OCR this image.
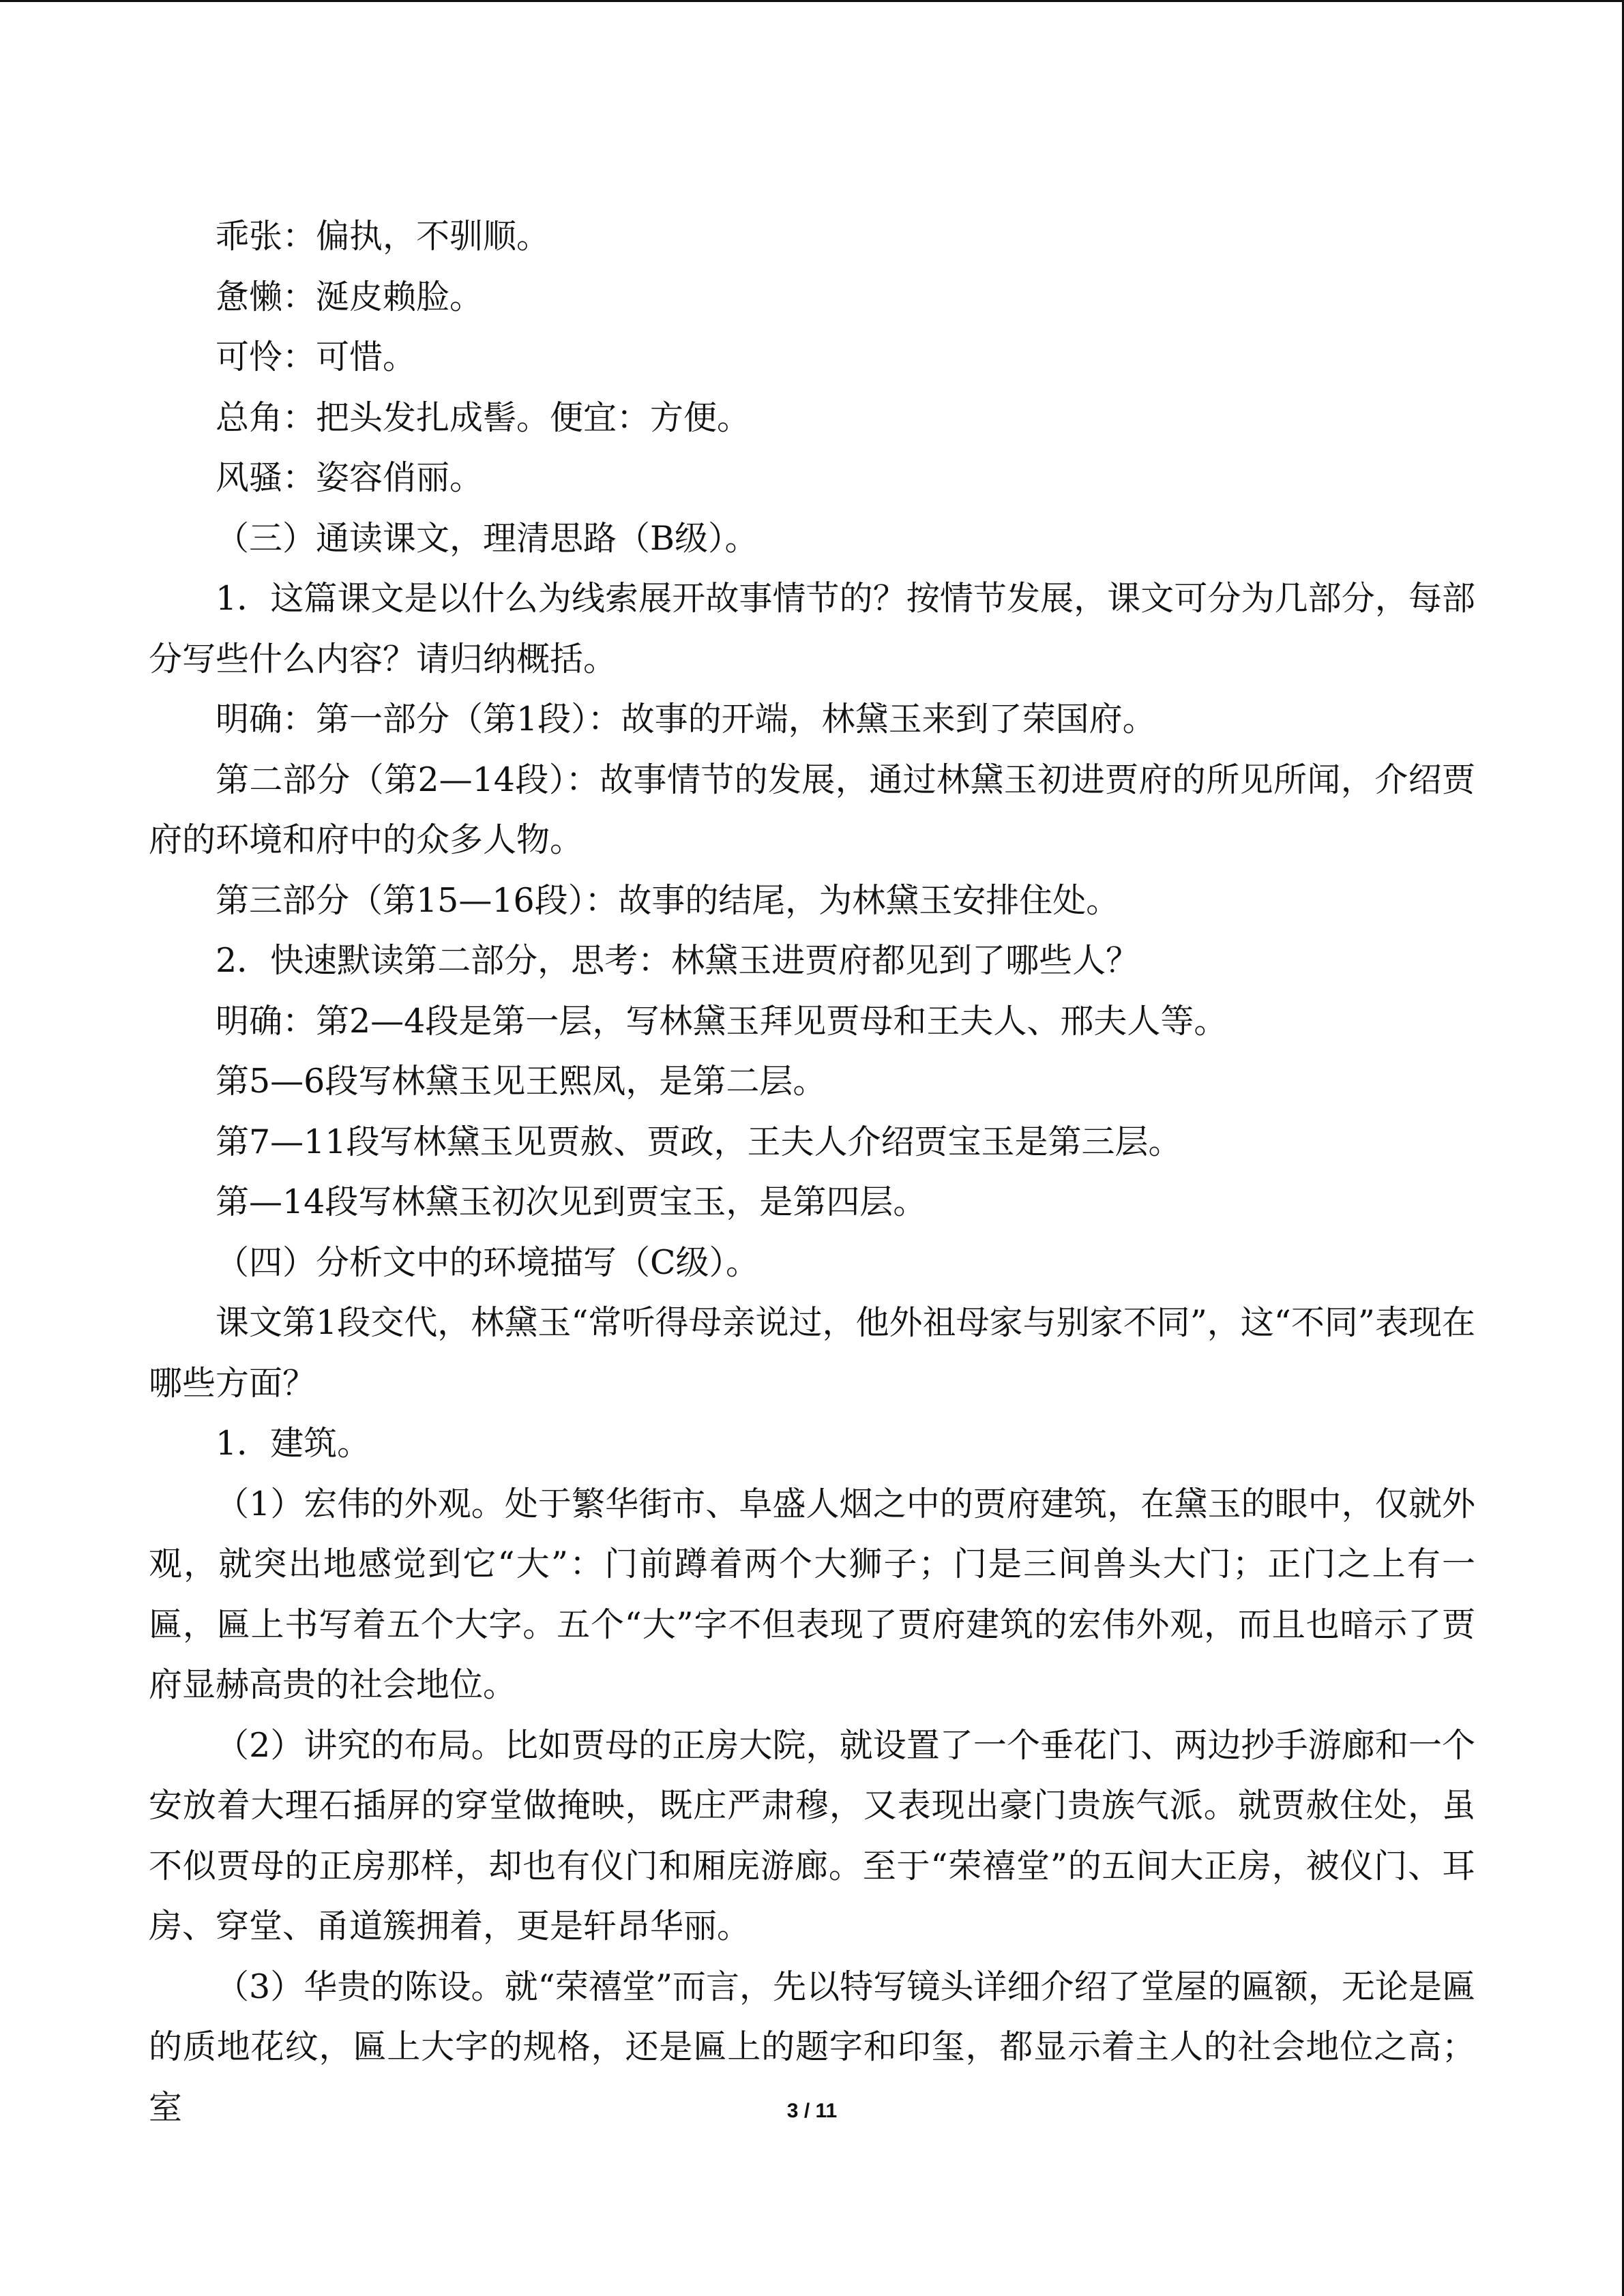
乖张：偏执，不驯顺。

惫懒：涎皮赖脸。

可怜：可惜。

总角：把头发扎成髻。便宜：方便。

风骚：姿容俏丽。

（三）通读课文，理清思路（B级）。

1．这篇课文是以什么为线索展开故事情节的？按情节发展，课文可分为几部分，每部分写些什么内容？请归纳概括。

明确：第一部分（第1段）：故事的开端，林黛玉来到了荣国府。

第二部分（第2—14段）：故事情节的发展，通过林黛玉初进贾府的所见所闻，介绍贾府的环境和府中的众多人物。

第三部分（第15—16段）：故事的结尾，为林黛玉安排住处。

2．快速默读第二部分，思考：林黛玉进贾府都见到了哪些人？

明确：第2—4段是第一层，写林黛玉拜见贾母和王夫人、邢夫人等。

第5—6段写林黛玉见王熙凤，是第二层。

第7—11段写林黛玉见贾赦、贾政，王夫人介绍贾宝玉是第三层。

第—14段写林黛玉初次见到贾宝玉，是第四层。

（四）分析文中的环境描写（C级）。

课文第1段交代，林黛玉“常听得母亲说过，他外祖母家与别家不同”，这“不同”表现在哪些方面？

1．建筑。

（1）宏伟的外观。处于繁华街市、阜盛人烟之中的贾府建筑，在黛玉的眼中，仅就外观，就突出地感觉到它“大”：门前蹲着两个大狮子；门是三间兽头大门；正门之上有一匾，匾上书写着五个大字。五个“大”字不但表现了贾府建筑的宏伟外观，而且也暗示了贾府显赫高贵的社会地位。

（2）讲究的布局。比如贾母的正房大院，就设置了一个垂花门、两边抄手游廊和一个安放着大理石插屏的穿堂做掩映，既庄严肃穆，又表现出豪门贵族气派。就贾赦住处，虽不似贾母的正房那样，却也有仪门和厢庑游廊。至于“荣禧堂”的五间大正房，被仪门、耳房、穿堂、甬道簇拥着，更是轩昂华丽。

（3）华贵的陈设。就“荣禧堂”而言，先以特写镜头详细介绍了堂屋的匾额，无论是匾的质地花纹，匾上大字的规格，还是匾上的题字和印玺，都显示着主人的社会地位之高；室	3 / 11
